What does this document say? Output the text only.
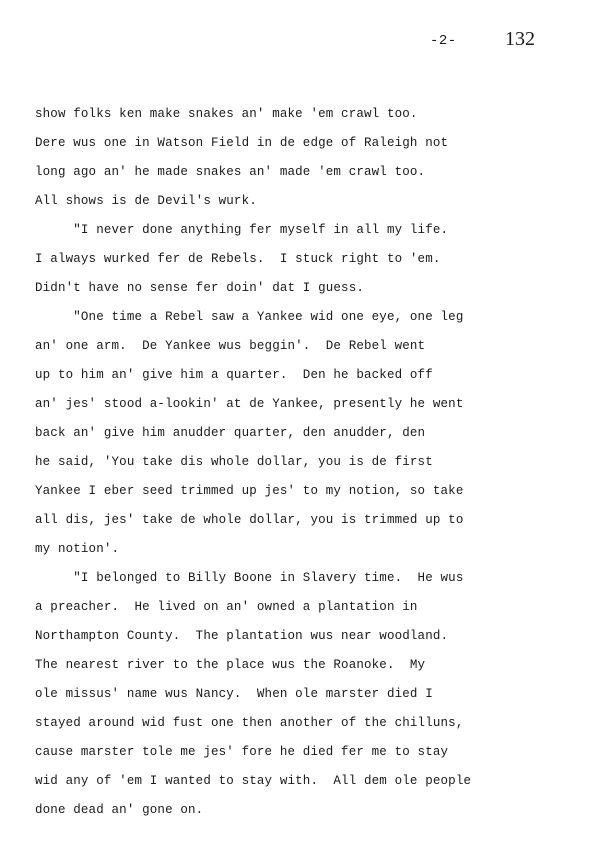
-2- 132
show folks ken make snakes an' make 'em crawl too.
Dere wus one in Watson Field in de edge of Raleigh not
long ago an' he made snakes an' made 'em crawl too.
All shows is de Devil's wurk.
"I never done anything fer myself in all my life.
I always wurked fer de Rebels.  I stuck right to 'em.
Didn't have no sense fer doin' dat I guess.
"One time a Rebel saw a Yankee wid one eye, one leg
an' one arm.  De Yankee wus beggin'.  De Rebel went
up to him an' give him a quarter.  Den he backed off
an' jes' stood a-lookin' at de Yankee, presently he went
back an' give him anudder quarter, den anudder, den
he said, 'You take dis whole dollar, you is de first
Yankee I eber seed trimmed up jes' to my notion, so take
all dis, jes' take de whole dollar, you is trimmed up to
my notion'.
"I belonged to Billy Boone in Slavery time.  He wus
a preacher.  He lived on an' owned a plantation in
Northampton County.  The plantation wus near woodland.
The nearest river to the place wus the Roanoke.  My
ole missus' name wus Nancy.  When ole marster died I
stayed around wid fust one then another of the chilluns,
cause marster tole me jes' fore he died fer me to stay
wid any of 'em I wanted to stay with.  All dem ole people
done dead an' gone on.
